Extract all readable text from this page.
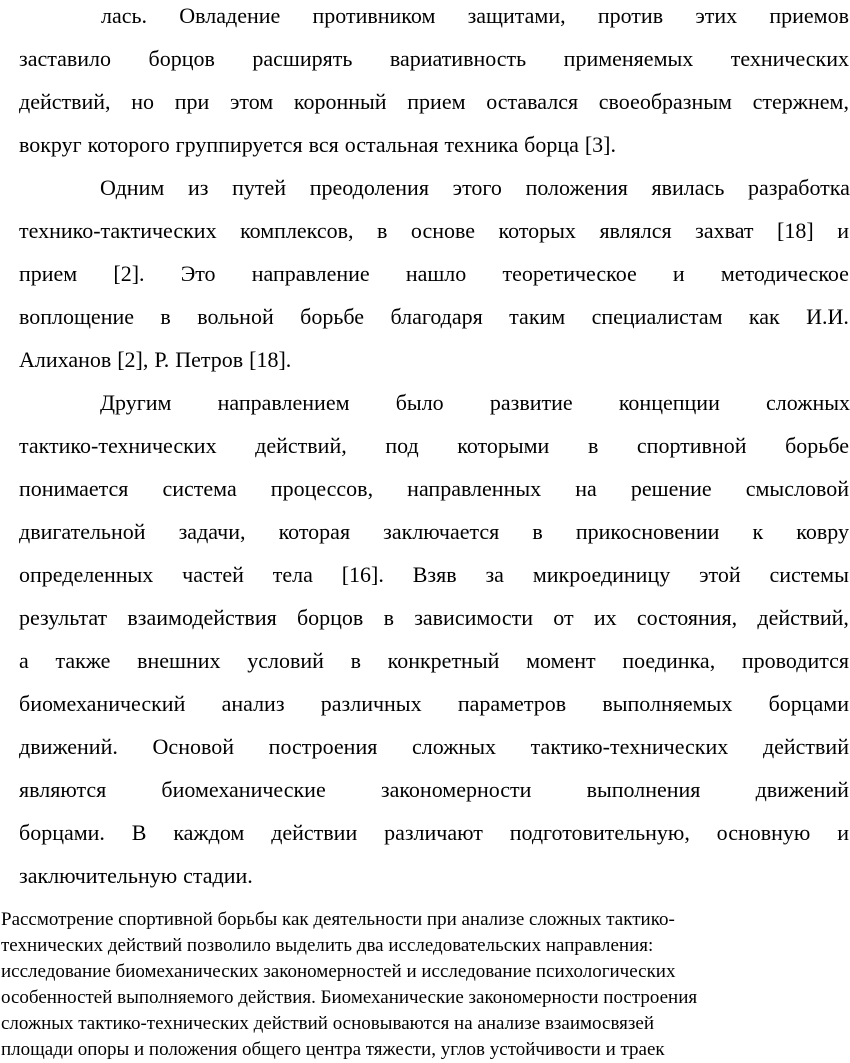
лась. Овладение противником защитами, против этих приемов
заставило борцов расширять вариативность применяемых технических
действий, но при этом коронный прием оставался своеобразным стержнем,
вокруг которого группируется вся остальная техника борца [3].
Одним из путей преодоления этого положения явилась разработка
технико-тактических комплексов, в основе которых являлся захват [18] и
прием [2]. Это направление нашло теоретическое и методическое
воплощение в вольной борьбе благодаря таким специалистам как И.И.
Алиханов [2], Р. Петров [18].
Другим направлением было развитие концепции сложных
тактико-технических действий, под которыми в спортивной борьбе
понимается система процессов, направленных на решение смысловой
двигательной задачи, которая заключается в прикосновении к ковру
определенных частей тела [16]. Взяв за микроединицу этой системы
результат взаимодействия борцов в зависимости от их состояния, действий,
а также внешних условий в конкретный момент поединка, проводится
биомеханический анализ различных параметров выполняемых борцами
движений. Основой построения сложных тактико-технических действий
являются	биомеханические	закономерности	выполнения	движений
борцами. В каждом действии различают подготовительную, основную и
заключительную стадии.
Рассмотрение спортивной борьбы как деятельности при анализе сложных тактико-
технических действий позволило выделить два исследовательских направления:
исследование биомеханических закономерностей и исследование психологических
особенностей выполняемого действия. Биомеханические закономерности построения
сложных тактико-технических действий основываются на анализе взаимосвязей
площади опоры и положения общего центра тяжести, углов устойчивости и траек
